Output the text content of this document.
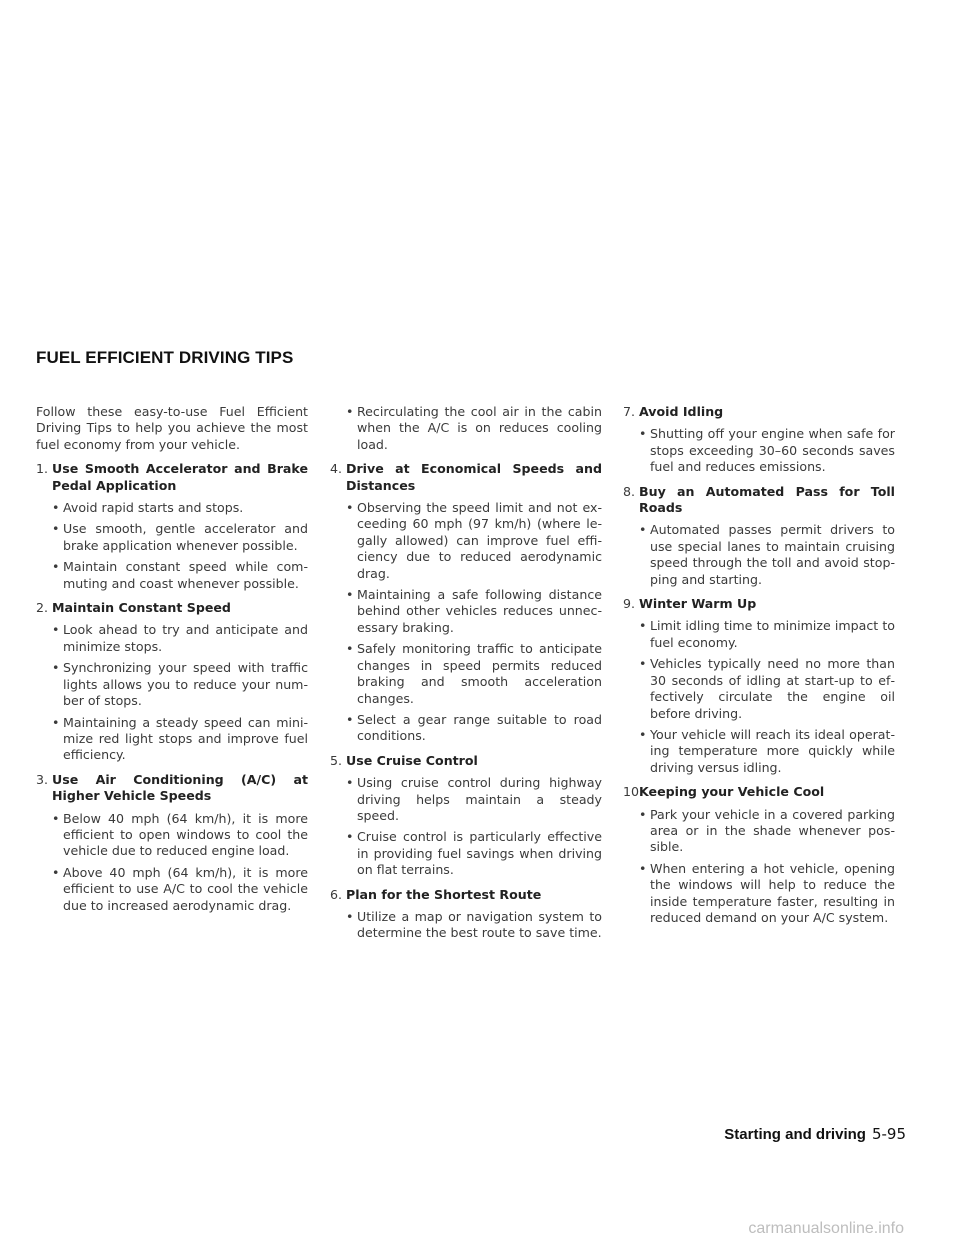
FUEL EFFICIENT DRIVING TIPS

Follow these easy-to-use Fuel Efficient Driving Tips to help you achieve the most fuel economy from your vehicle.

1. Use Smooth Accelerator and Brake Pedal Application
• Avoid rapid starts and stops.
• Use smooth, gentle accelerator and brake application whenever possible.
• Maintain constant speed while commuting and coast whenever possible.
2. Maintain Constant Speed
• Look ahead to try and anticipate and minimize stops.
• Synchronizing your speed with traffic lights allows you to reduce your number of stops.
• Maintaining a steady speed can minimize red light stops and improve fuel efficiency.
3. Use Air Conditioning (A/C) at Higher Vehicle Speeds
• Below 40 mph (64 km/h), it is more efficient to open windows to cool the vehicle due to reduced engine load.
• Above 40 mph (64 km/h), it is more efficient to use A/C to cool the vehicle due to increased aerodynamic drag.
• Recirculating the cool air in the cabin when the A/C is on reduces cooling load.
4. Drive at Economical Speeds and Distances
• Observing the speed limit and not exceeding 60 mph (97 km/h) (where legally allowed) can improve fuel efficiency due to reduced aerodynamic drag.
• Maintaining a safe following distance behind other vehicles reduces unnecessary braking.
• Safely monitoring traffic to anticipate changes in speed permits reduced braking and smooth acceleration changes.
• Select a gear range suitable to road conditions.
5. Use Cruise Control
• Using cruise control during highway driving helps maintain a steady speed.
• Cruise control is particularly effective in providing fuel savings when driving on flat terrains.
6. Plan for the Shortest Route
• Utilize a map or navigation system to determine the best route to save time.
7. Avoid Idling
• Shutting off your engine when safe for stops exceeding 30–60 seconds saves fuel and reduces emissions.
8. Buy an Automated Pass for Toll Roads
• Automated passes permit drivers to use special lanes to maintain cruising speed through the toll and avoid stopping and starting.
9. Winter Warm Up
• Limit idling time to minimize impact to fuel economy.
• Vehicles typically need no more than 30 seconds of idling at start-up to effectively circulate the engine oil before driving.
• Your vehicle will reach its ideal operating temperature more quickly while driving versus idling.
10.Keeping your Vehicle Cool
• Park your vehicle in a covered parking area or in the shade whenever possible.
• When entering a hot vehicle, opening the windows will help to reduce the inside temperature faster, resulting in reduced demand on your A/C system.
Starting and driving 5-95
carmanualsonline.info
